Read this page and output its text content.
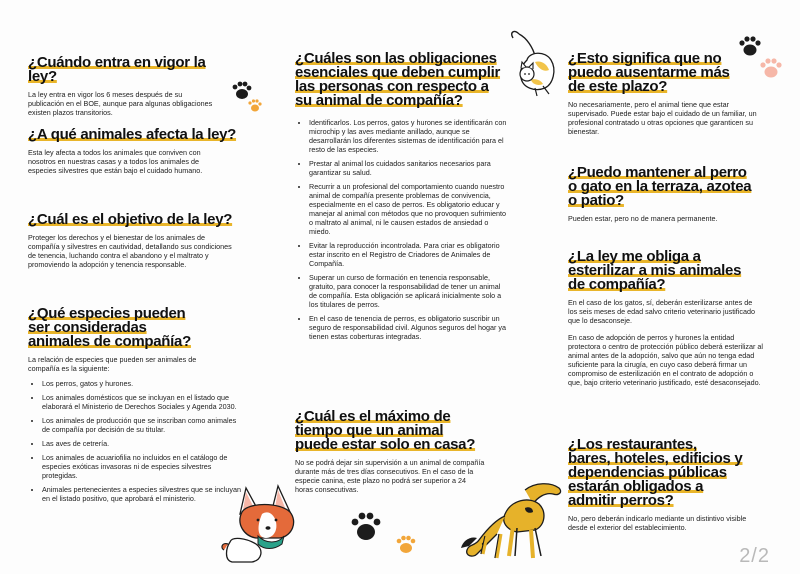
¿Cuándo entra en vigor la ley?

La ley entra en vigor los 6 meses después de su publicación en el BOE, aunque para algunas obligaciones existen plazos transitorios.

¿A qué animales afecta la ley?

Esta ley afecta a todos los animales que conviven con nosotros en nuestras casas y a todos los animales de especies silvestres que están bajo el cuidado humano.

¿Cuál es el objetivo de la ley?

Proteger los derechos y el bienestar de los animales de compañía y silvestres en cautividad, detallando sus condiciones de tenencia, luchando contra el abandono y el maltrato y promoviendo la adopción y tenencia responsable.

¿Qué especies pueden ser consideradas animales de compañía?

La relación de especies que pueden ser animales de compañía es la siguiente:

• Los perros, gatos y hurones.
• Los animales domésticos que se incluyan en el listado que elaborará el Ministerio de Derechos Sociales y Agenda 2030.
• Los animales de producción que se inscriban como animales de compañía por decisión de su titular.
• Las aves de cetrería.
• Los animales de acuariofilia no incluidos en el catálogo de especies exóticas invasoras ni de especies silvestres protegidas.
• Animales pertenecientes a especies silvestres que se incluyan en el listado positivo, que aprobará el ministerio.
¿Cuáles son las obligaciones esenciales que deben cumplir las personas con respecto a su animal de compañía?
• Identificarlos. Los perros, gatos y hurones se identificarán con microchip y las aves mediante anillado, aunque se desarrollarán los diferentes sistemas de identificación para el resto de las especies.
• Prestar al animal los cuidados sanitarios necesarios para garantizar su salud.
• Recurrir a un profesional del comportamiento cuando nuestro animal de compañía presente problemas de convivencia, especialmente en el caso de perros. Es obligatorio educar y manejar al animal con métodos que no provoquen sufrimiento o maltrato al animal, ni le causen estados de ansiedad o miedo.
• Evitar la reproducción incontrolada. Para criar es obligatorio estar inscrito en el Registro de Criadores de Animales de Compañía.
• Superar un curso de formación en tenencia responsable, gratuito, para conocer la responsabilidad de tener un animal de compañía. Esta obligación se aplicará inicialmente solo a los titulares de perros.
• En el caso de tenencia de perros, es obligatorio suscribir un seguro de responsabilidad civil. Algunos seguros del hogar ya tienen estas coberturas integradas.
¿Cuál es el máximo de tiempo que un animal puede estar solo en casa?

No se podrá dejar sin supervisión a un animal de compañía durante más de tres días consecutivos. En el caso de la especie canina, este plazo no podrá ser superior a 24 horas consecutivas.

¿Esto significa que no puedo ausentarme más de este plazo?

No necesariamente, pero el animal tiene que estar supervisado. Puede estar bajo el cuidado de un familiar, un profesional contratado u otras opciones que garanticen su bienestar.

¿Puedo mantener al perro o gato en la terraza, azotea o patio?

Pueden estar, pero no de manera permanente.

¿La ley me obliga a esterilizar a mis animales de compañía?

En el caso de los gatos, sí, deberán esterilizarse antes de los seis meses de edad salvo criterio veterinario justificado que lo desaconseje.

En caso de adopción de perros y hurones la entidad protectora o centro de protección público deberá esterilizar al animal antes de la adopción, salvo que aún no tenga edad suficiente para la cirugía, en cuyo caso deberá firmar un compromiso de esterilización en el contrato de adopción o que, bajo criterio veterinario justificado, esté desaconsejado.

¿Los restaurantes, bares, hoteles, edificios y dependencias públicas estarán obligados a admitir perros?

No, pero deberán indicarlo mediante un distintivo visible desde el exterior del establecimiento.

2/2
